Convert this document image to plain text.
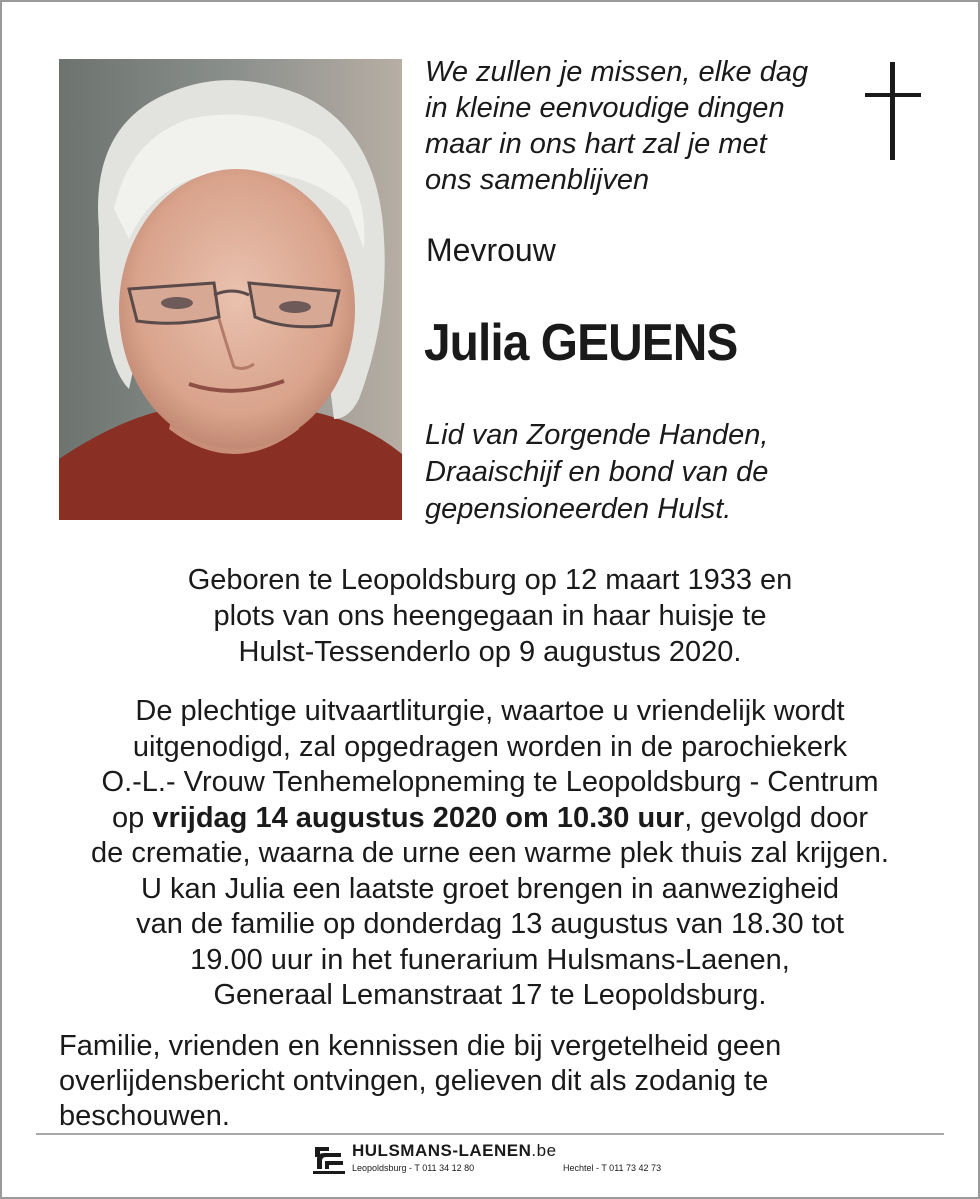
We zullen je missen, elke dag
in kleine eenvoudige dingen
maar in ons hart zal je met
ons samenblijven
Mevrouw
Julia GEUENS
Lid van Zorgende Handen,
Draaischijf en bond van de
gepensioneerden Hulst.
Geboren te Leopoldsburg op 12 maart 1933 en
plots van ons heengegaan in haar huisje te
Hulst-Tessenderlo op 9 augustus 2020.
De plechtige uitvaartliturgie, waartoe u vriendelijk wordt
uitgenodigd, zal opgedragen worden in de parochiekerk
O.-L.- Vrouw Tenhemelopneming te Leopoldsburg - Centrum
op vrijdag 14 augustus 2020 om 10.30 uur, gevolgd door
de crematie, waarna de urne een warme plek thuis zal krijgen.
U kan Julia een laatste groet brengen in aanwezigheid
van de familie op donderdag 13 augustus van 18.30 tot
19.00 uur in het funerarium Hulsmans-Laenen,
Generaal Lemanstraat 17 te Leopoldsburg.
Familie, vrienden en kennissen die bij vergetelheid geen
overlijdensbericht ontvingen, gelieven dit als zodanig te
beschouwen.
HULSMANS-LAENEN.be
Leopoldsburg - T 011 34 12 80	Hechtel - T 011 73 42 73
